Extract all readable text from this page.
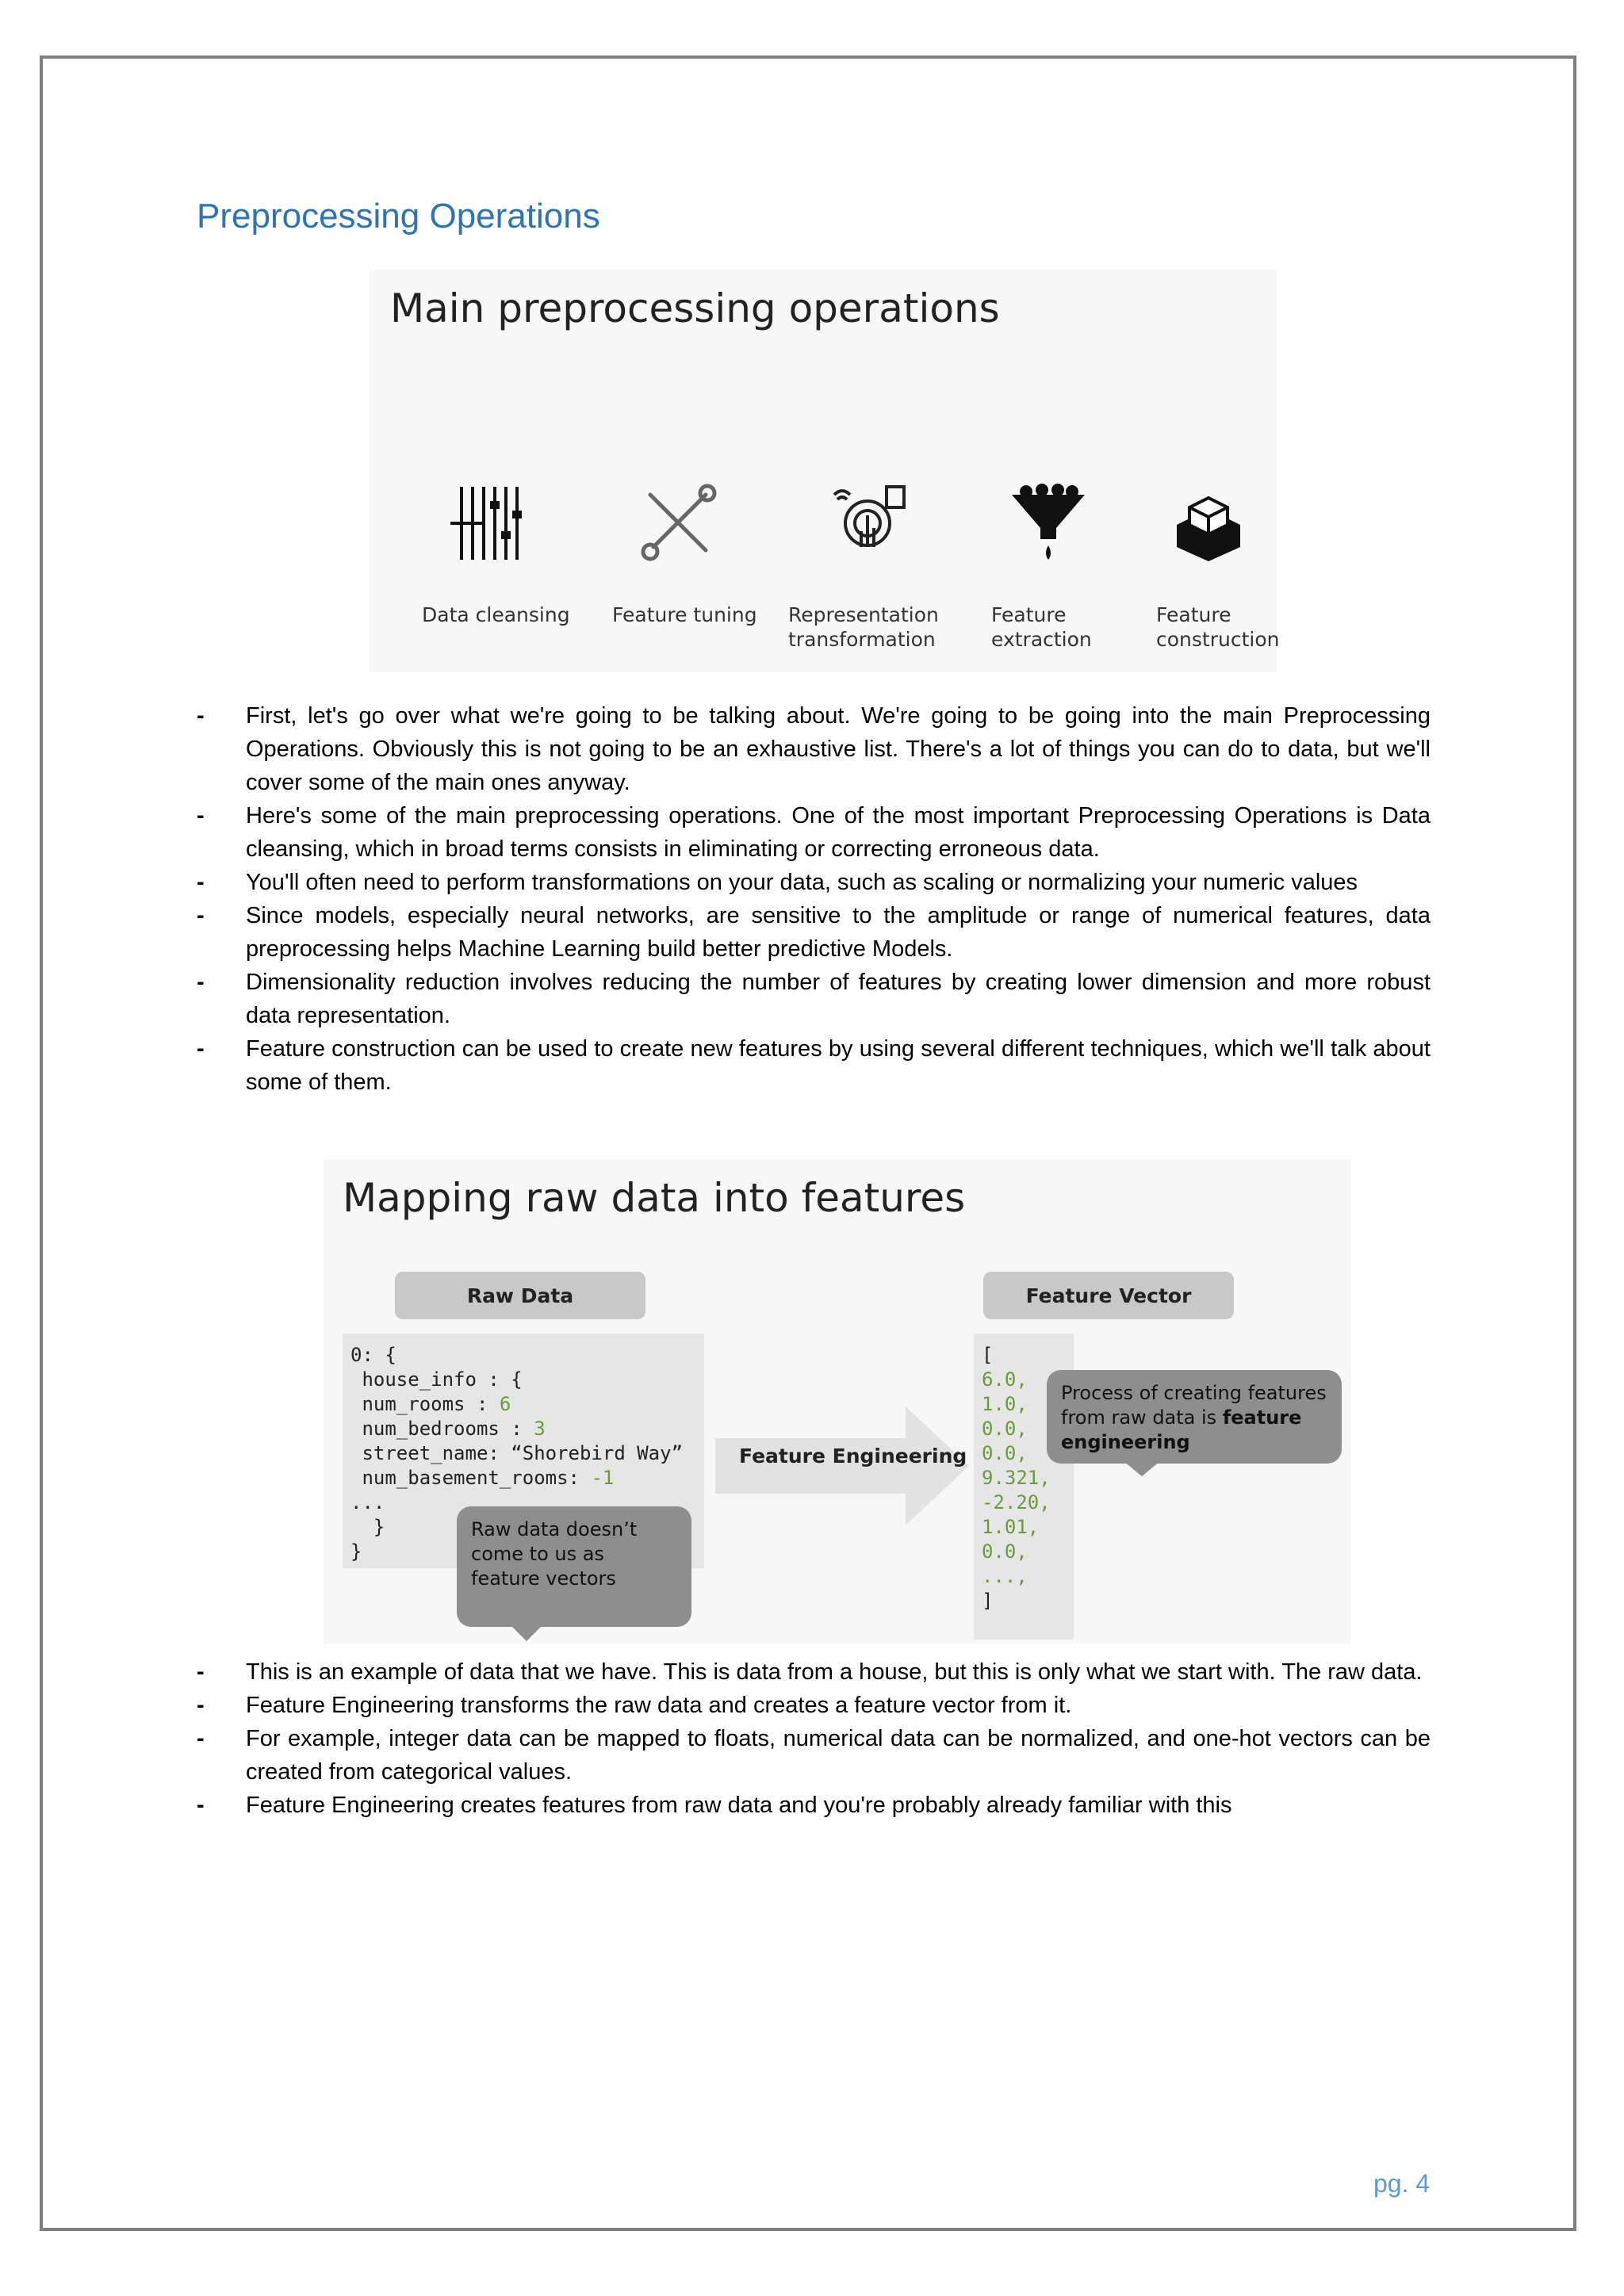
Preprocessing Operations
Main preprocessing operations
Data cleansing Feature tuning Representation
transformation
Feature
extraction
Feature
construction
- First, let's go over what we're going to be talking about. We're going to be going into the main Preprocessing Operations. Obviously this is not going to be an exhaustive list. There's a lot of things you can do to data, but we'll cover some of the main ones anyway.
- Here's some of the main preprocessing operations. One of the most important Preprocessing Operations is Data cleansing, which in broad terms consists in eliminating or correcting erroneous data.
- You'll often need to perform transformations on your data, such as scaling or normalizing your numeric values
- Since models, especially neural networks, are sensitive to the amplitude or range of numerical features, data preprocessing helps Machine Learning build better predictive Models.
- Dimensionality reduction involves reducing the number of features by creating lower dimension and more robust data representation.
- Feature construction can be used to create new features by using several different techniques, which we'll talk about some of them.
Mapping raw data into features
Raw Data	Feature Vector
0: {
house_info : {
num_rooms : 6
num_bedrooms : 3
street_name: “Shorebird Way”
num_basement_rooms: -1
...
}
}
Feature Engineering
[
6.0,
1.0,
0.0,
0.0,
9.321,
-2.20,
1.01,
0.0,
...,
]
Raw data doesn’t come to us as feature vectors
Process of creating features from raw data is feature engineering
- This is an example of data that we have. This is data from a house, but this is only what we start with. The raw data.
- Feature Engineering transforms the raw data and creates a feature vector from it.
- For example, integer data can be mapped to floats, numerical data can be normalized, and one-hot vectors can be created from categorical values.
- Feature Engineering creates features from raw data and you're probably already familiar with this
pg. 4
